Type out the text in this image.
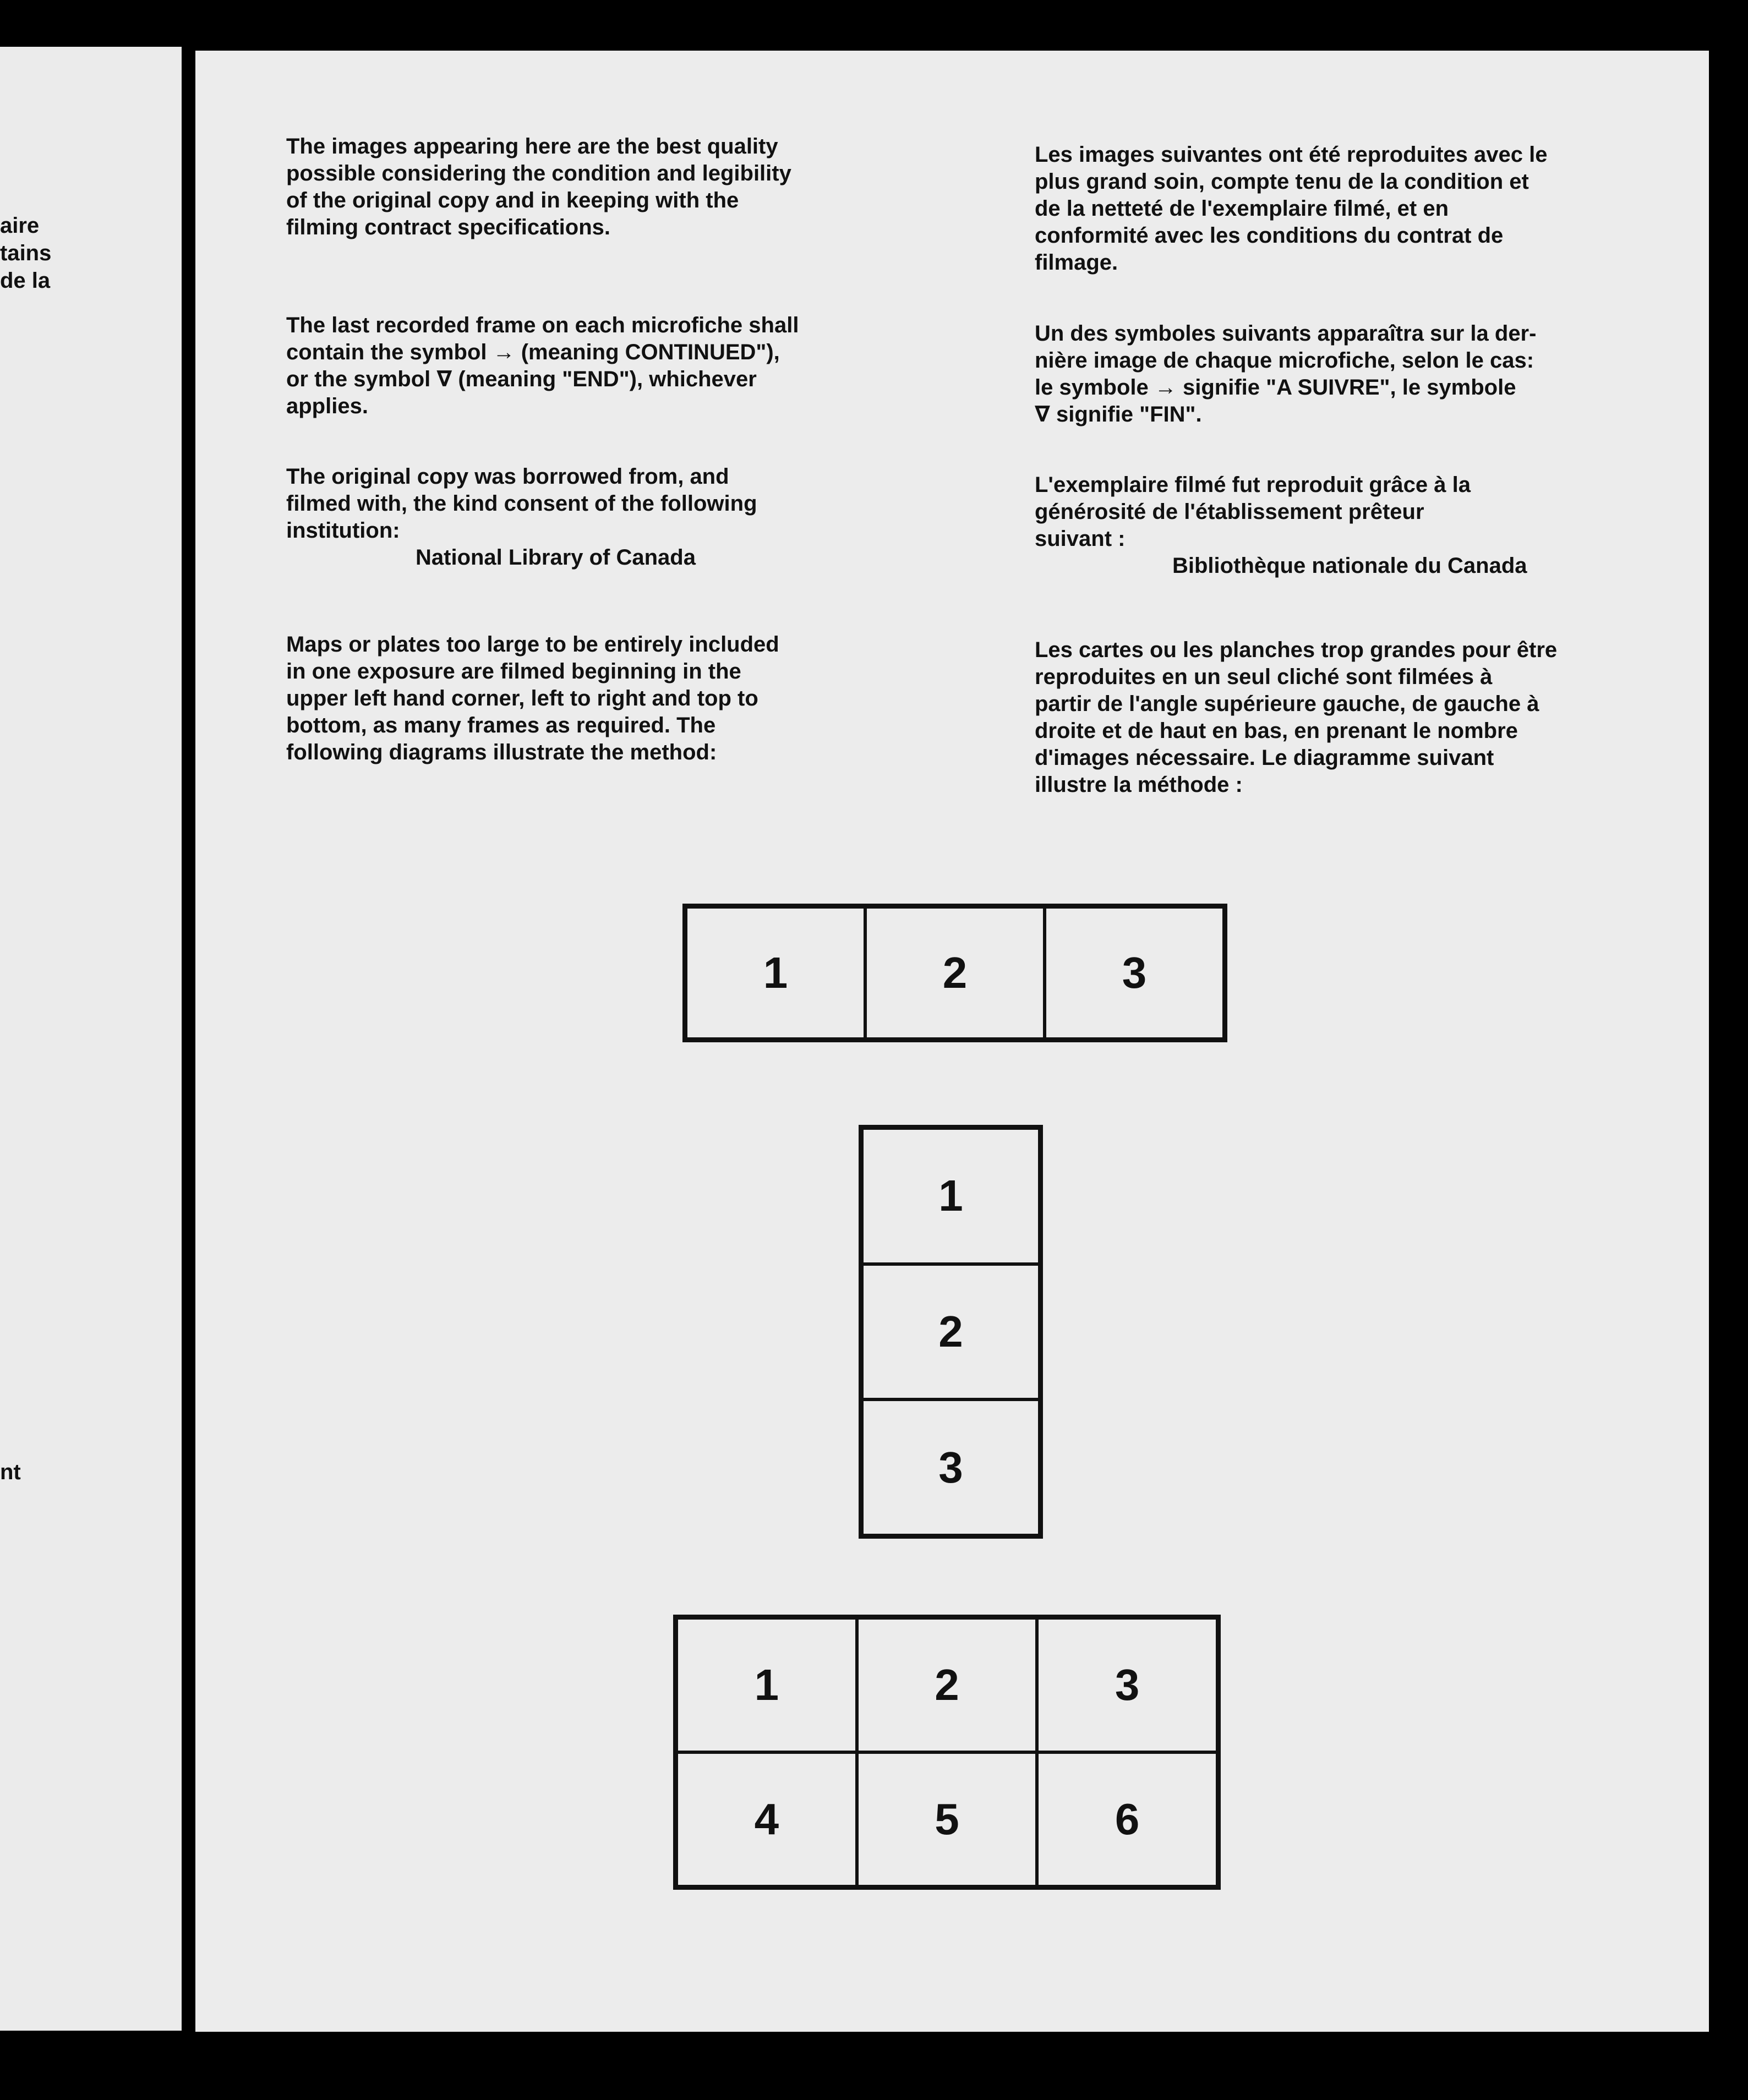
aire
tains
de la
nt
The images appearing here are the best quality
possible considering the condition and legibility
of the original copy and in keeping with the
filming contract specifications.
The last recorded frame on each microfiche shall
contain the symbol → (meaning CONTINUED"),
or the symbol ∇ (meaning "END"), whichever
applies.
The original copy was borrowed from, and
filmed with, the kind consent of the following
institution:
National Library of Canada
Maps or plates too large to be entirely included
in one exposure are filmed beginning in the
upper left hand corner, left to right and top to
bottom, as many frames as required. The
following diagrams illustrate the method:
Les images suivantes ont été reproduites avec le
plus grand soin, compte tenu de la condition et
de la netteté de l'exemplaire filmé, et en
conformité avec les conditions du contrat de
filmage.
Un des symboles suivants apparaîtra sur la der-
nière image de chaque microfiche, selon le cas:
le symbole → signifie "A SUIVRE", le symbole
∇ signifie "FIN".
L'exemplaire filmé fut reproduit grâce à la
générosité de l'établissement prêteur
suivant :
Bibliothèque nationale du Canada
Les cartes ou les planches trop grandes pour être
reproduites en un seul cliché sont filmées à
partir de l'angle supérieure gauche, de gauche à
droite et de haut en bas, en prenant le nombre
d'images nécessaire. Le diagramme suivant
illustre la méthode :
1	2	3
1
2
3
1	2	3
4	5	6
